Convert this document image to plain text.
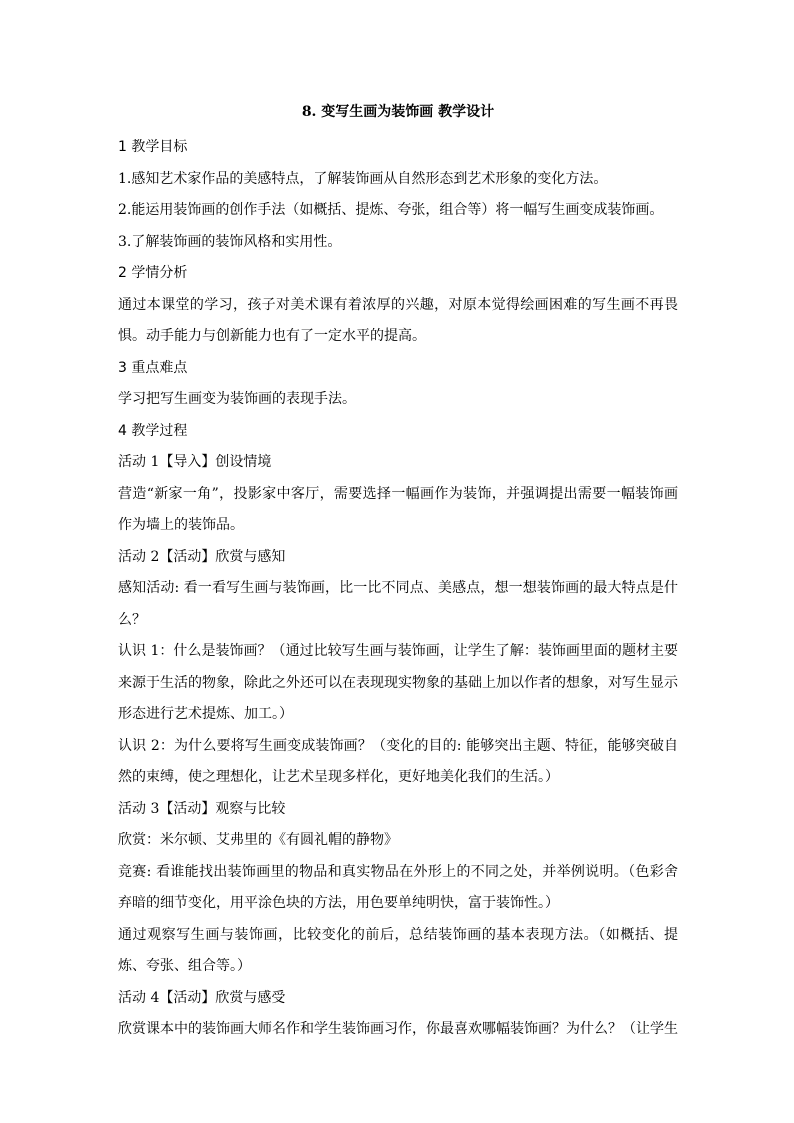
8. 变写生画为装饰画 教学设计
1 教学目标
1.感知艺术家作品的美感特点，了解装饰画从自然形态到艺术形象的变化方法。
2.能运用装饰画的创作手法（如概括、提炼、夸张，组合等）将一幅写生画变成装饰画。
3.了解装饰画的装饰风格和实用性。
2 学情分析
通过本课堂的学习，孩子对美术课有着浓厚的兴趣，对原本觉得绘画困难的写生画不再畏惧。动手能力与创新能力也有了一定水平的提高。
3 重点难点
学习把写生画变为装饰画的表现手法。
4 教学过程
活动 1【导入】创设情境
营造“新家一角”，投影家中客厅，需要选择一幅画作为装饰，并强调提出需要一幅装饰画作为墙上的装饰品。
活动 2【活动】欣赏与感知
感知活动: 看一看写生画与装饰画，比一比不同点、美感点，想一想装饰画的最大特点是什么？
认识 1：什么是装饰画？（通过比较写生画与装饰画，让学生了解：装饰画里面的题材主要来源于生活的物象，除此之外还可以在表现现实物象的基础上加以作者的想象，对写生显示形态进行艺术提炼、加工。）
认识 2：为什么要将写生画变成装饰画？（变化的目的: 能够突出主题、特征，能够突破自然的束缚，使之理想化，让艺术呈现多样化，更好地美化我们的生活。）
活动 3【活动】观察与比较
欣赏：米尔顿、艾弗里的《有圆礼帽的静物》
竞赛: 看谁能找出装饰画里的物品和真实物品在外形上的不同之处，并举例说明。（色彩舍弃暗的细节变化，用平涂色块的方法，用色要单纯明快，富于装饰性。）
通过观察写生画与装饰画，比较变化的前后，总结装饰画的基本表现方法。（如概括、提炼、夸张、组合等。）
活动 4【活动】欣赏与感受
欣赏课本中的装饰画大师名作和学生装饰画习作，你最喜欢哪幅装饰画？为什么？（让学生
